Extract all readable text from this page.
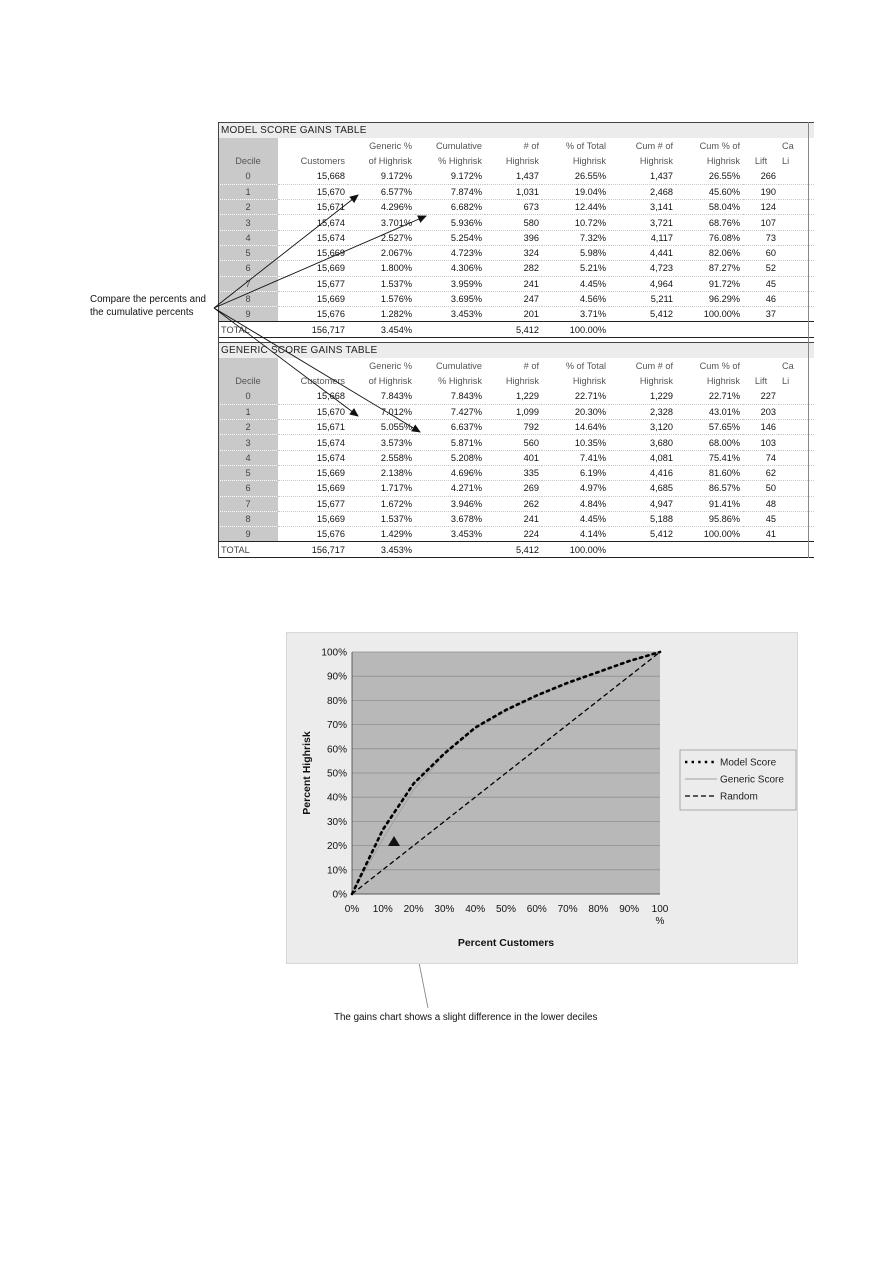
MODEL SCORE GAINS TABLE
		Generic %	Cumulative	# of	% of Total	Cum # of	Cum % of		Ca
Decile	Customers	of Highrisk	% Highrisk	Highrisk	Highrisk	Highrisk	Highrisk	Lift	Li
0	15,668	9.172%	9.172%	1,437	26.55%	1,437	26.55%	266	
1	15,670	6.577%	7.874%	1,031	19.04%	2,468	45.60%	190	
2	15,671	4.296%	6.682%	673	12.44%	3,141	58.04%	124	
3	15,674	3.701%	5.936%	580	10.72%	3,721	68.76%	107	
4	15,674	2.527%	5.254%	396	7.32%	4,117	76.08%	73	
5	15,669	2.067%	4.723%	324	5.98%	4,441	82.06%	60	
6	15,669	1.800%	4.306%	282	5.21%	4,723	87.27%	52	
7	15,677	1.537%	3.959%	241	4.45%	4,964	91.72%	45	
8	15,669	1.576%	3.695%	247	4.56%	5,211	96.29%	46	
9	15,676	1.282%	3.453%	201	3.71%	5,412	100.00%	37	
TOTAL	156,717	3.454%		5,412	100.00%				
GENERIC SCORE GAINS TABLE
		Generic %	Cumulative	# of	% of Total	Cum # of	Cum % of		Ca
Decile	Customers	of Highrisk	% Highrisk	Highrisk	Highrisk	Highrisk	Highrisk	Lift	Li
0	15,668	7.843%	7.843%	1,229	22.71%	1,229	22.71%	227	
1	15,670	7.012%	7.427%	1,099	20.30%	2,328	43.01%	203	
2	15,671	5.055%	6.637%	792	14.64%	3,120	57.65%	146	
3	15,674	3.573%	5.871%	560	10.35%	3,680	68.00%	103	
4	15,674	2.558%	5.208%	401	7.41%	4,081	75.41%	74	
5	15,669	2.138%	4.696%	335	6.19%	4,416	81.60%	62	
6	15,669	1.717%	4.271%	269	4.97%	4,685	86.57%	50	
7	15,677	1.672%	3.946%	262	4.84%	4,947	91.41%	48	
8	15,669	1.537%	3.678%	241	4.45%	5,188	95.86%	45	
9	15,676	1.429%	3.453%	224	4.14%	5,412	100.00%	41	
TOTAL	156,717	3.453%		5,412	100.00%				
Compare the percents and
the cumulative percents
0%
10%
20%
30%
40%
50%
60%
70%
80%
90%
100%
0% 10% 20% 30% 40% 50% 60% 70% 80% 90% 100 %
Percent Highrisk
Percent Customers
Model Score
Generic Score
Random
The gains chart shows a slight difference in the lower deciles
